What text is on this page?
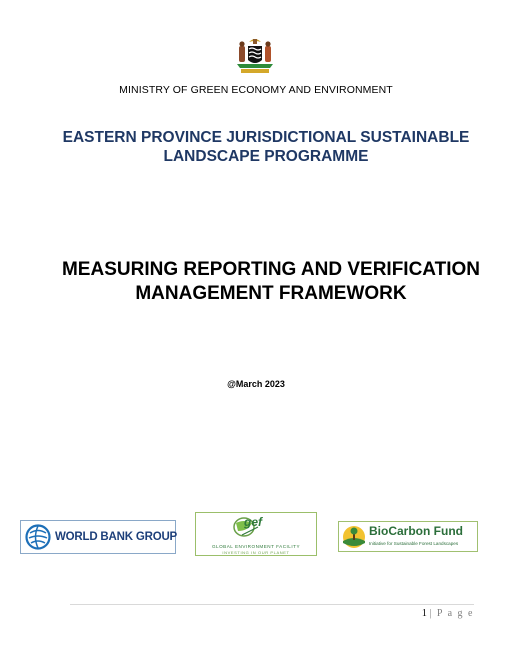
MINISTRY OF GREEN ECONOMY AND ENVIRONMENT
EASTERN PROVINCE JURISDICTIONAL SUSTAINABLE
LANDSCAPE PROGRAMME
MEASURING REPORTING AND VERIFICATION
MANAGEMENT FRAMEWORK
@March 2023
WORLD BANK GROUP
gef
GLOBAL ENVIRONMENT FACILITY
INVESTING IN OUR PLANET
BioCarbon Fund
Initiative for Sustainable Forest Landscapes
1 | P a g e
